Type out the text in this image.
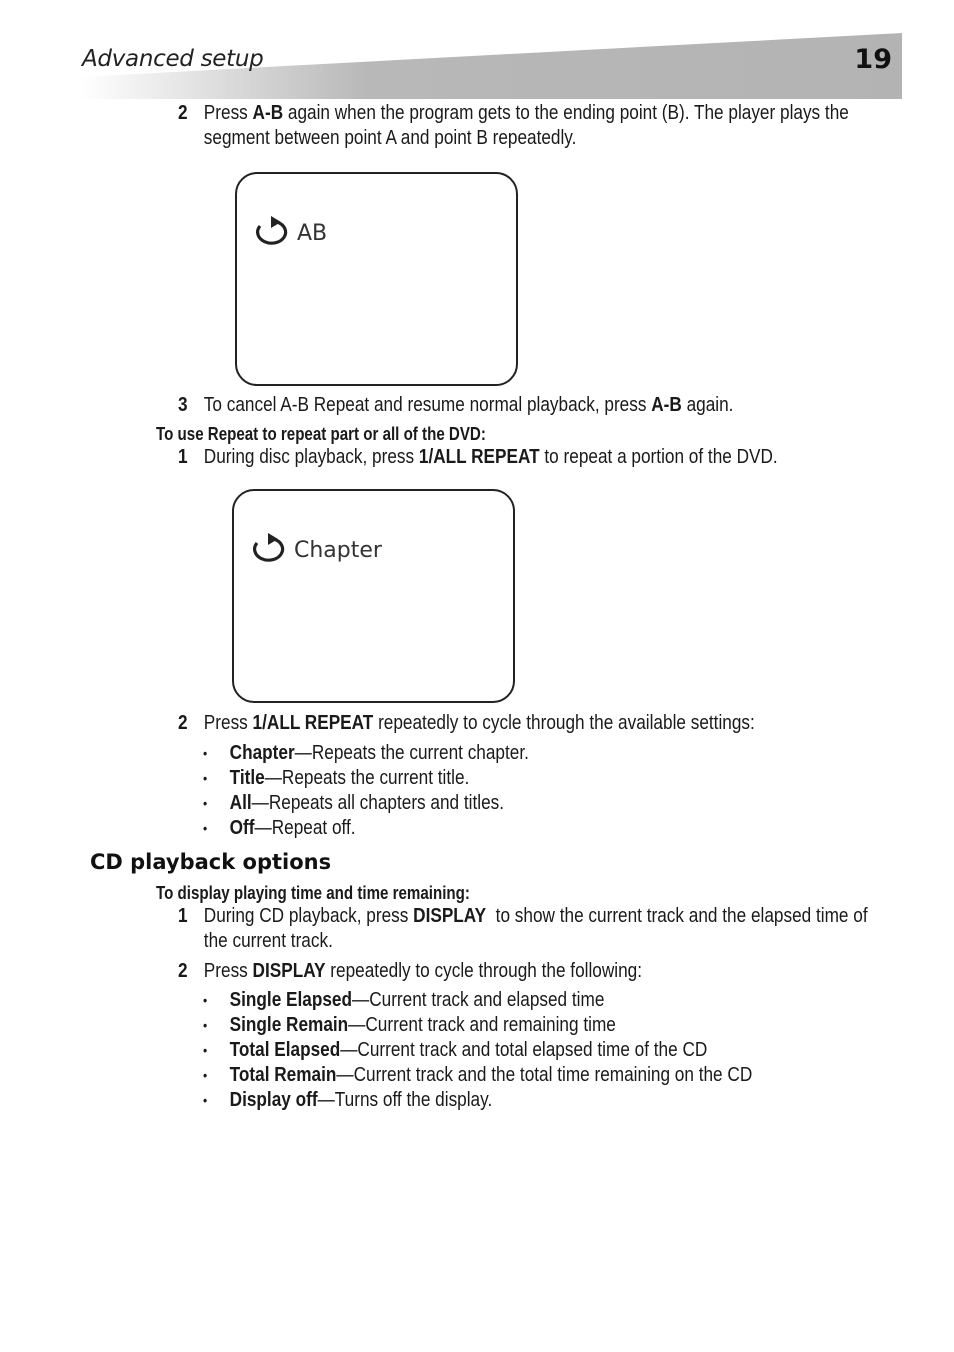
Advanced setup	19
2 Press A-B again when the program gets to the ending point (B). The player plays the
segment between point A and point B repeatedly.
AB
3 To cancel A-B Repeat and resume normal playback, press A-B again.
To use Repeat to repeat part or all of the DVD:
1 During disc playback, press 1/ALL REPEAT to repeat a portion of the DVD.
Chapter
2 Press 1/ALL REPEAT repeatedly to cycle through the available settings:
• Chapter—Repeats the current chapter.
• Title—Repeats the current title.
• All—Repeats all chapters and titles.
• Off—Repeat off.
CD playback options
To display playing time and time remaining:
1 During CD playback, press DISPLAY  to show the current track and the elapsed time of
the current track.
2 Press DISPLAY repeatedly to cycle through the following:
• Single Elapsed—Current track and elapsed time
• Single Remain—Current track and remaining time
• Total Elapsed—Current track and total elapsed time of the CD
• Total Remain—Current track and the total time remaining on the CD
• Display off—Turns off the display.
